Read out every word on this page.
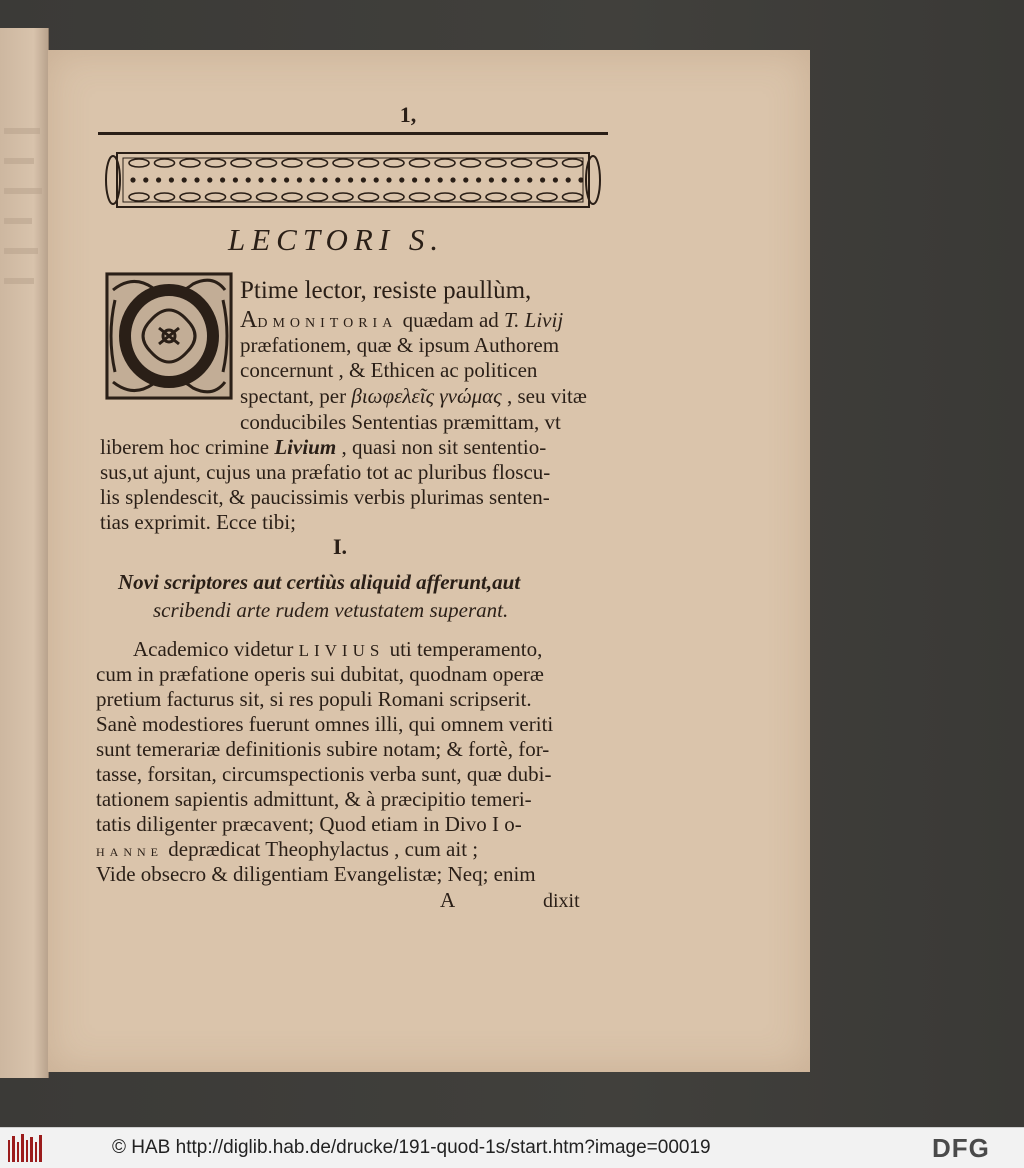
1,
LECTORI S.
Ptime lector, resiste paullùm,
ADMONITORIA quædam ad T. Livij
præfationem, quæ & ipsum Authorem
concernunt , & Ethicen ac politicen
spectant, per βιωφελεῖς γνώμας , seu vitæ
conducibiles Sententias præmittam, vt
liberem hoc crimine Livium , quasi non sit sententio-
sus,ut ajunt, cujus una præfatio tot ac pluribus floscu-
lis splendescit, & paucissimis verbis plurimas senten-
tias exprimit. Ecce tibi;
I.
Novi scriptores aut certiùs aliquid afferunt,aut
scribendi arte rudem vetustatem superant.
Academico videtur LIVIUS uti temperamento,
cum in præfatione operis sui dubitat, quodnam operæ
pretium facturus sit, si res populi Romani scripserit.
Sanè modestiores fuerunt omnes illi, qui omnem veriti
sunt temerariæ definitionis subire notam; & fortè, for-
tasse, forsitan, circumspectionis verba sunt, quæ dubi-
tationem sapientis admittunt, & à præcipitio temeri-
tatis diligenter præcavent; Quod etiam in Divo I o-
HANNE deprædicat Theophylactus , cum ait ;
Vide obsecro & diligentiam Evangelistæ; Neq; enim
A	dixit
© HAB http://diglib.hab.de/drucke/191-quod-1s/start.htm?image=00019	DFG
